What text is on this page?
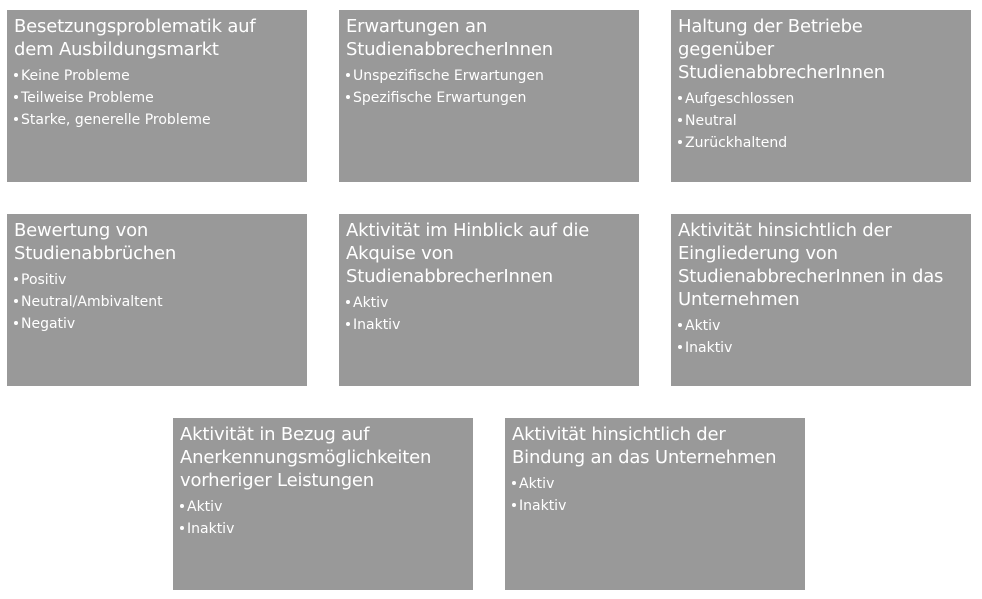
Besetzungsproblematik auf
dem Ausbildungsmarkt
Keine Probleme
Teilweise Probleme
Starke, generelle Probleme
Erwartungen an
StudienabbrecherInnen
Unspezifische Erwartungen
Spezifische Erwartungen
Haltung der Betriebe
gegenüber
StudienabbrecherInnen
Aufgeschlossen
Neutral
Zurückhaltend
Bewertung von
Studienabbrüchen
Positiv
Neutral/Ambivaltent
Negativ
Aktivität im Hinblick auf die
Akquise von
StudienabbrecherInnen
Aktiv
Inaktiv
Aktivität hinsichtlich der
Eingliederung von
StudienabbrecherInnen in das
Unternehmen
Aktiv
Inaktiv
Aktivität in Bezug auf
Anerkennungsmöglichkeiten
vorheriger Leistungen
Aktiv
Inaktiv
Aktivität hinsichtlich der
Bindung an das Unternehmen
Aktiv
Inaktiv
